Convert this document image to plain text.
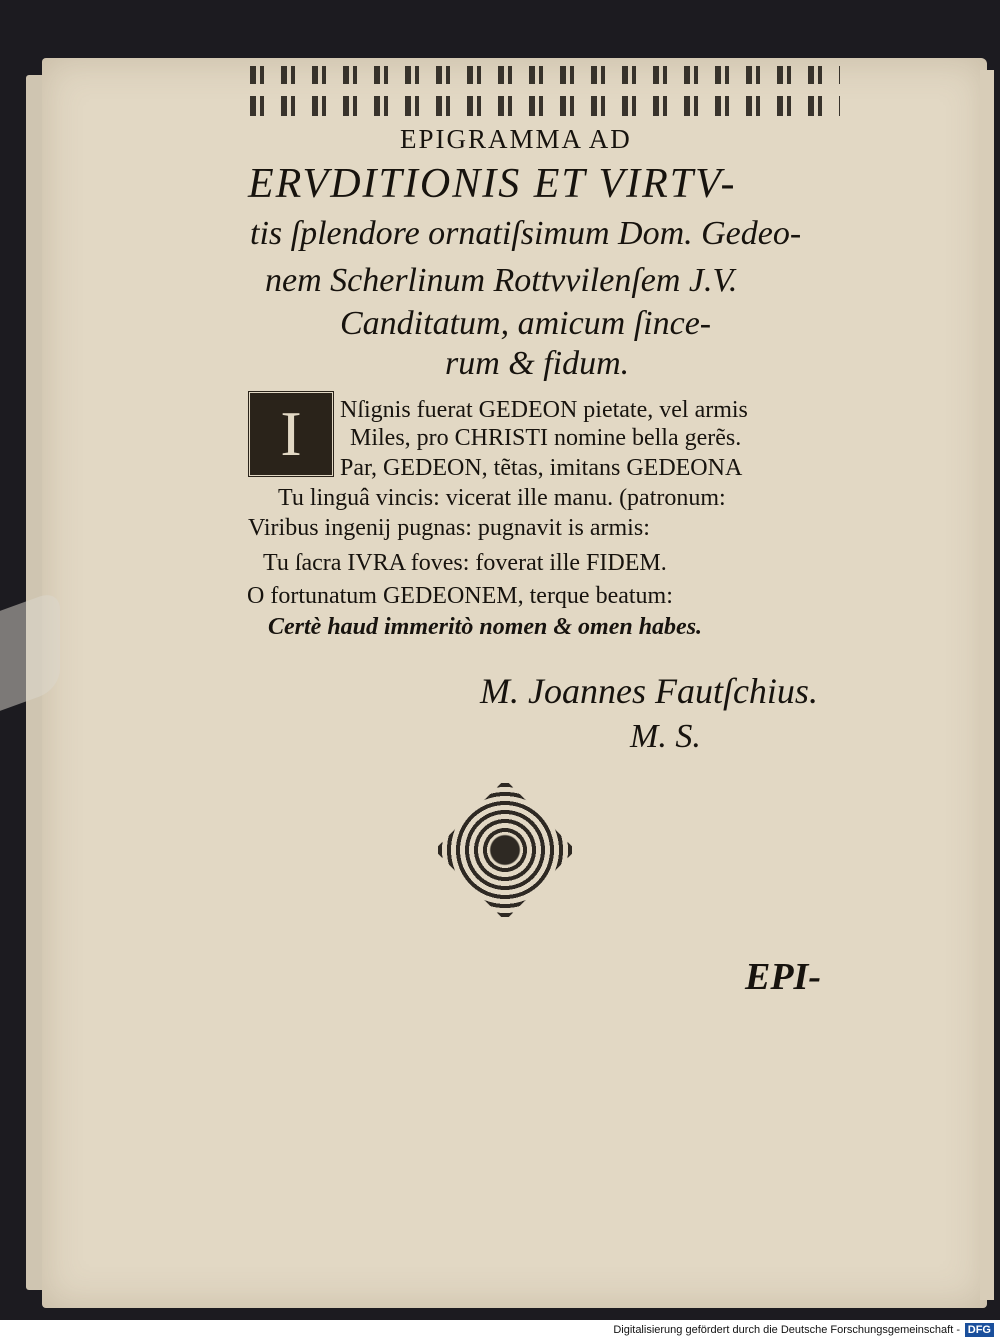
EPIGRAMMA AD
ERVDITIONIS ET VIRTV-
tis ſplendore ornatiſsimum Dom. Gedeo-
nem Scherlinum Rottvvilenſem J.V.
Canditatum, amicum ſince-
rum & fidum.
I	Nſignis fuerat GEDEON pietate, vel armis
Miles, pro CHRISTI nomine bella gerẽs.
Par, GEDEON, tẽtas, imitans GEDEONA
Tu linguâ vincis: vicerat ille manu. (patronum:
Viribus ingenij pugnas: pugnavit is armis:
Tu ſacra IVRA foves: foverat ille FIDEM.
O fortunatum GEDEONEM, terque beatum:
Certè haud immeritò nomen & omen habes.
M. Joannes Fautſchius.
M. S.
EPI-
Digitalisierung gefördert durch die Deutsche Forschungsgemeinschaft - DFG
